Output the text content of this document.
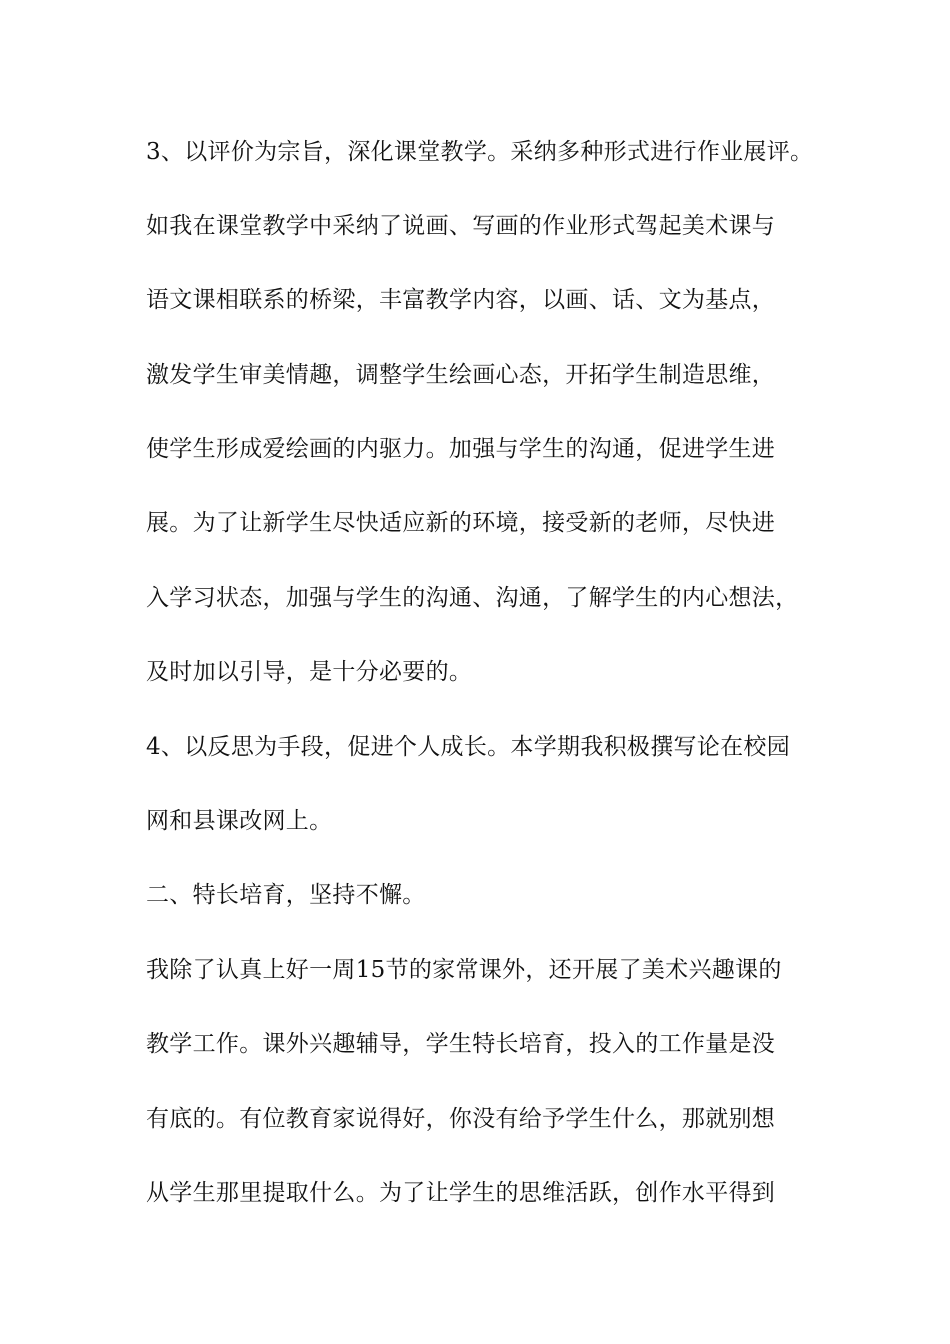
3、以评价为宗旨，深化课堂教学。采纳多种形式进行作业展评。
如我在课堂教学中采纳了说画、写画的作业形式驾起美术课与
语文课相联系的桥梁，丰富教学内容，以画、话、文为基点，
激发学生审美情趣，调整学生绘画心态，开拓学生制造思维，
使学生形成爱绘画的内驱力。加强与学生的沟通，促进学生进
展。为了让新学生尽快适应新的环境，接受新的老师，尽快进
入学习状态，加强与学生的沟通、沟通，了解学生的内心想法，
及时加以引导，是十分必要的。
4、以反思为手段，促进个人成长。本学期我积极撰写论在校园
网和县课改网上。
二、特长培育，坚持不懈。
我除了认真上好一周15节的家常课外，还开展了美术兴趣课的
教学工作。课外兴趣辅导，学生特长培育，投入的工作量是没
有底的。有位教育家说得好，你没有给予学生什么，那就别想
从学生那里提取什么。为了让学生的思维活跃，创作水平得到
